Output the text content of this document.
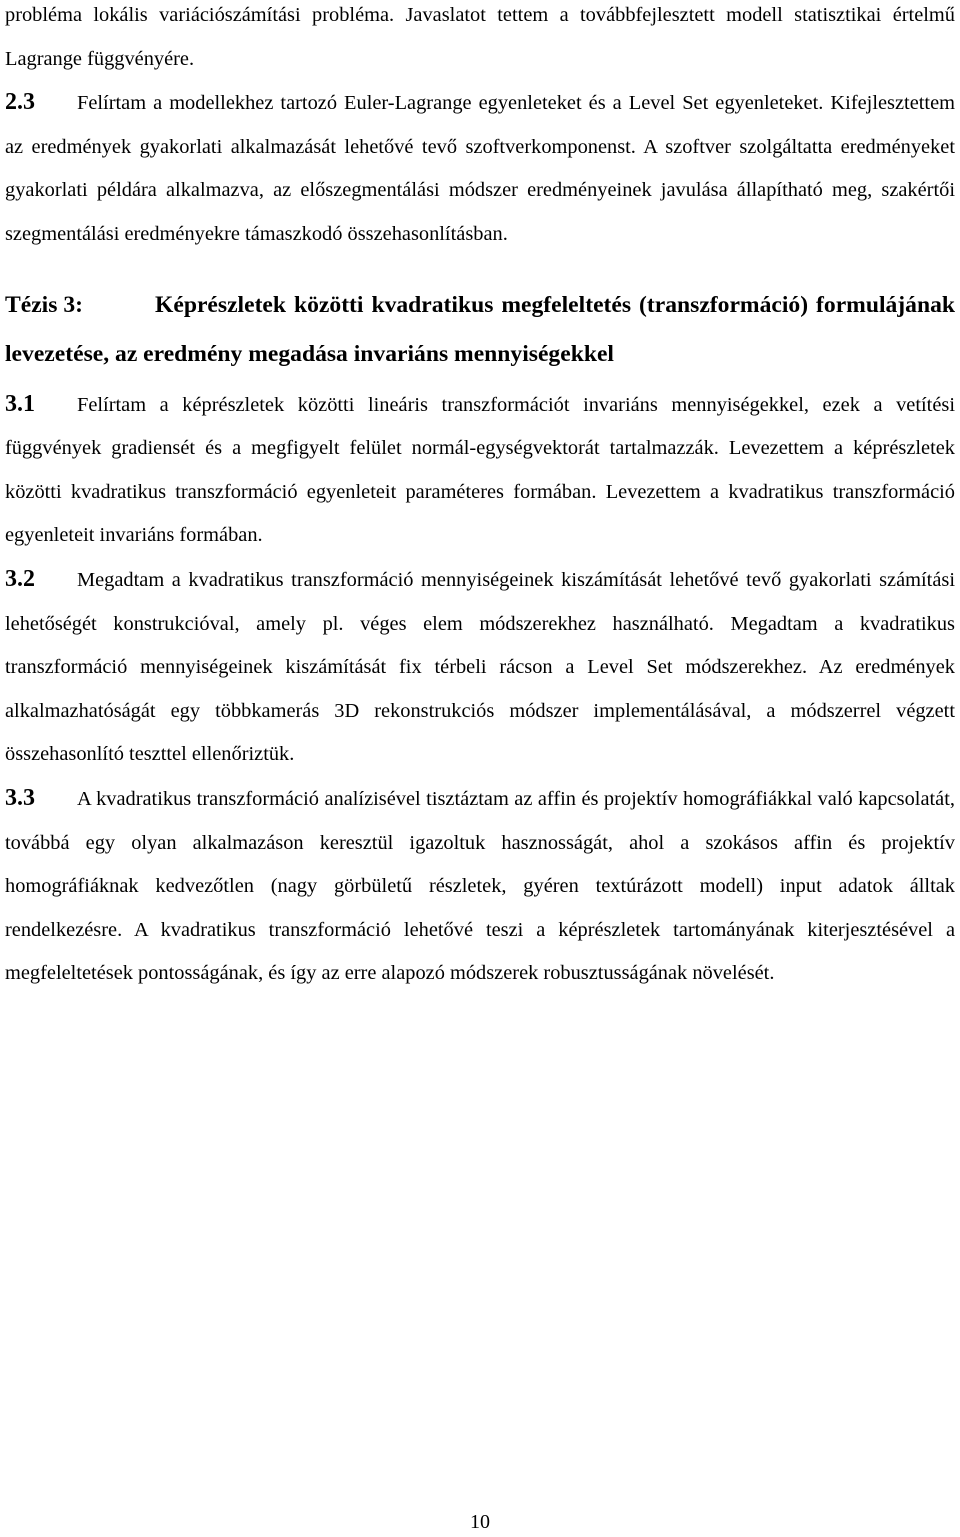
probléma lokális variációszámítási probléma. Javaslatot tettem a továbbfejlesztett modell statisztikai értelmű Lagrange függvényére.

2.3 Felírtam a modellekhez tartozó Euler-Lagrange egyenleteket és a Level Set egyenleteket. Kifejlesztettem az eredmények gyakorlati alkalmazását lehetővé tevő szoftverkomponenst. A szoftver szolgáltatta eredményeket gyakorlati példára alkalmazva, az előszegmentálási módszer eredményeinek javulása állapítható meg, szakértői szegmentálási eredményekre támaszkodó összehasonlításban.

Tézis 3:	Képrészletek közötti kvadratikus megfeleltetés (transzformáció) formulájának levezetése, az eredmény megadása invariáns mennyiségekkel

3.1 Felírtam a képrészletek közötti lineáris transzformációt invariáns mennyiségekkel, ezek a vetítési függvények gradiensét és a megfigyelt felület normál-egységvektorát tartalmazzák. Levezettem a képrészletek közötti kvadratikus transzformáció egyenleteit paraméteres formában. Levezettem a kvadratikus transzformáció egyenleteit invariáns formában.

3.2 Megadtam a kvadratikus transzformáció mennyiségeinek kiszámítását lehetővé tevő gyakorlati számítási lehetőségét konstrukcióval, amely pl. véges elem módszerekhez használható. Megadtam a kvadratikus transzformáció mennyiségeinek kiszámítását fix térbeli rácson a Level Set módszerekhez. Az eredmények alkalmazhatóságát egy többkamerás 3D rekonstrukciós módszer implementálásával, a módszerrel végzett összehasonlító teszttel ellenőriztük.

3.3 A kvadratikus transzformáció analízisével tisztáztam az affin és projektív homográfiákkal való kapcsolatát, továbbá egy olyan alkalmazáson keresztül igazoltuk hasznosságát, ahol a szokásos affin és projektív homográfiáknak kedvezőtlen (nagy görbületű részletek, gyéren textúrázott modell) input adatok álltak rendelkezésre. A kvadratikus transzformáció lehetővé teszi a képrészletek tartományának kiterjesztésével a megfeleltetések pontosságának, és így az erre alapozó módszerek robusztusságának növelését.

10
